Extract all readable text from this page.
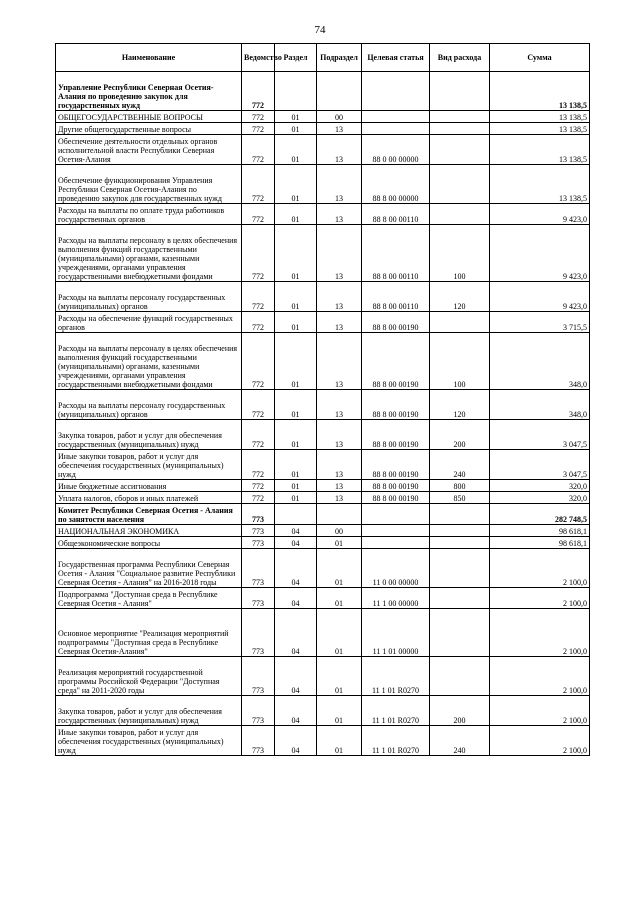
74
Наименование	Ведомство	Раздел	Подраздел	Целевая статья	Вид расхода	Сумма
Управление Республики Северная Осетия-Алания по проведению закупок для государственных нужд	772					13 138,5
ОБЩЕГОСУДАРСТВЕННЫЕ ВОПРОСЫ	772	01	00			13 138,5
Другие общегосударственные вопросы	772	01	13			13 138,5
Обеспечение деятельности отдельных органов исполнительной власти Республики Северная Осетия-Алания	772	01	13	88 0 00 00000		13 138,5
Обеспечение функционирования Управления Республики Северная Осетия-Алания по проведению закупок для государственных нужд	772	01	13	88 8 00 00000		13 138,5
Расходы на выплаты по оплате труда работников государственных органов	772	01	13	88 8 00 00110		9 423,0
Расходы на выплаты персоналу в целях обеспечения выполнения функций государственными (муниципальными) органами, казенными учреждениями, органами управления государственными внебюджетными фондами	772	01	13	88 8 00 00110	100	9 423,0
Расходы на выплаты персоналу государственных (муниципальных) органов	772	01	13	88 8 00 00110	120	9 423,0
Расходы на обеспечение функций государственных органов	772	01	13	88 8 00 00190		3 715,5
Расходы на выплаты персоналу в целях обеспечения выполнения функций государственными (муниципальными) органами, казенными учреждениями, органами управления государственными внебюджетными фондами	772	01	13	88 8 00 00190	100	348,0
Расходы на выплаты персоналу государственных (муниципальных) органов	772	01	13	88 8 00 00190	120	348,0
Закупка товаров, работ и услуг для обеспечения государственных (муниципальных) нужд	772	01	13	88 8 00 00190	200	3 047,5
Иные закупки товаров, работ и услуг для обеспечения государственных (муниципальных) нужд	772	01	13	88 8 00 00190	240	3 047,5
Иные бюджетные ассигнования	772	01	13	88 8 00 00190	800	320,0
Уплата налогов, сборов и иных платежей	772	01	13	88 8 00 00190	850	320,0
Комитет Республики Северная Осетия - Алания по занятости населения	773					282 748,5
НАЦИОНАЛЬНАЯ ЭКОНОМИКА	773	04	00			98 618,1
Общеэкономические вопросы	773	04	01			98 618,1
Государственная программа Республики Северная Осетия - Алания "Социальное развитие Республики Северная Осетия - Алания" на 2016-2018 годы	773	04	01	11 0 00 00000		2 100,0
Подпрограмма "Доступная среда в Республике Северная Осетия - Алания"	773	04	01	11 1 00 00000		2 100,0
Основное мероприятие "Реализация мероприятий подпрограммы "Доступная среда в Республике Северная Осетия-Алания"	773	04	01	11 1 01 00000		2 100,0
Реализация мероприятий государственной программы Российской Федерации "Доступная среда" на 2011-2020 годы	773	04	01	11 1 01 R0270		2 100,0
Закупка товаров, работ и услуг для обеспечения государственных (муниципальных) нужд	773	04	01	11 1 01 R0270	200	2 100,0
Иные закупки товаров, работ и услуг для обеспечения государственных (муниципальных) нужд	773	04	01	11 1 01 R0270	240	2 100,0
